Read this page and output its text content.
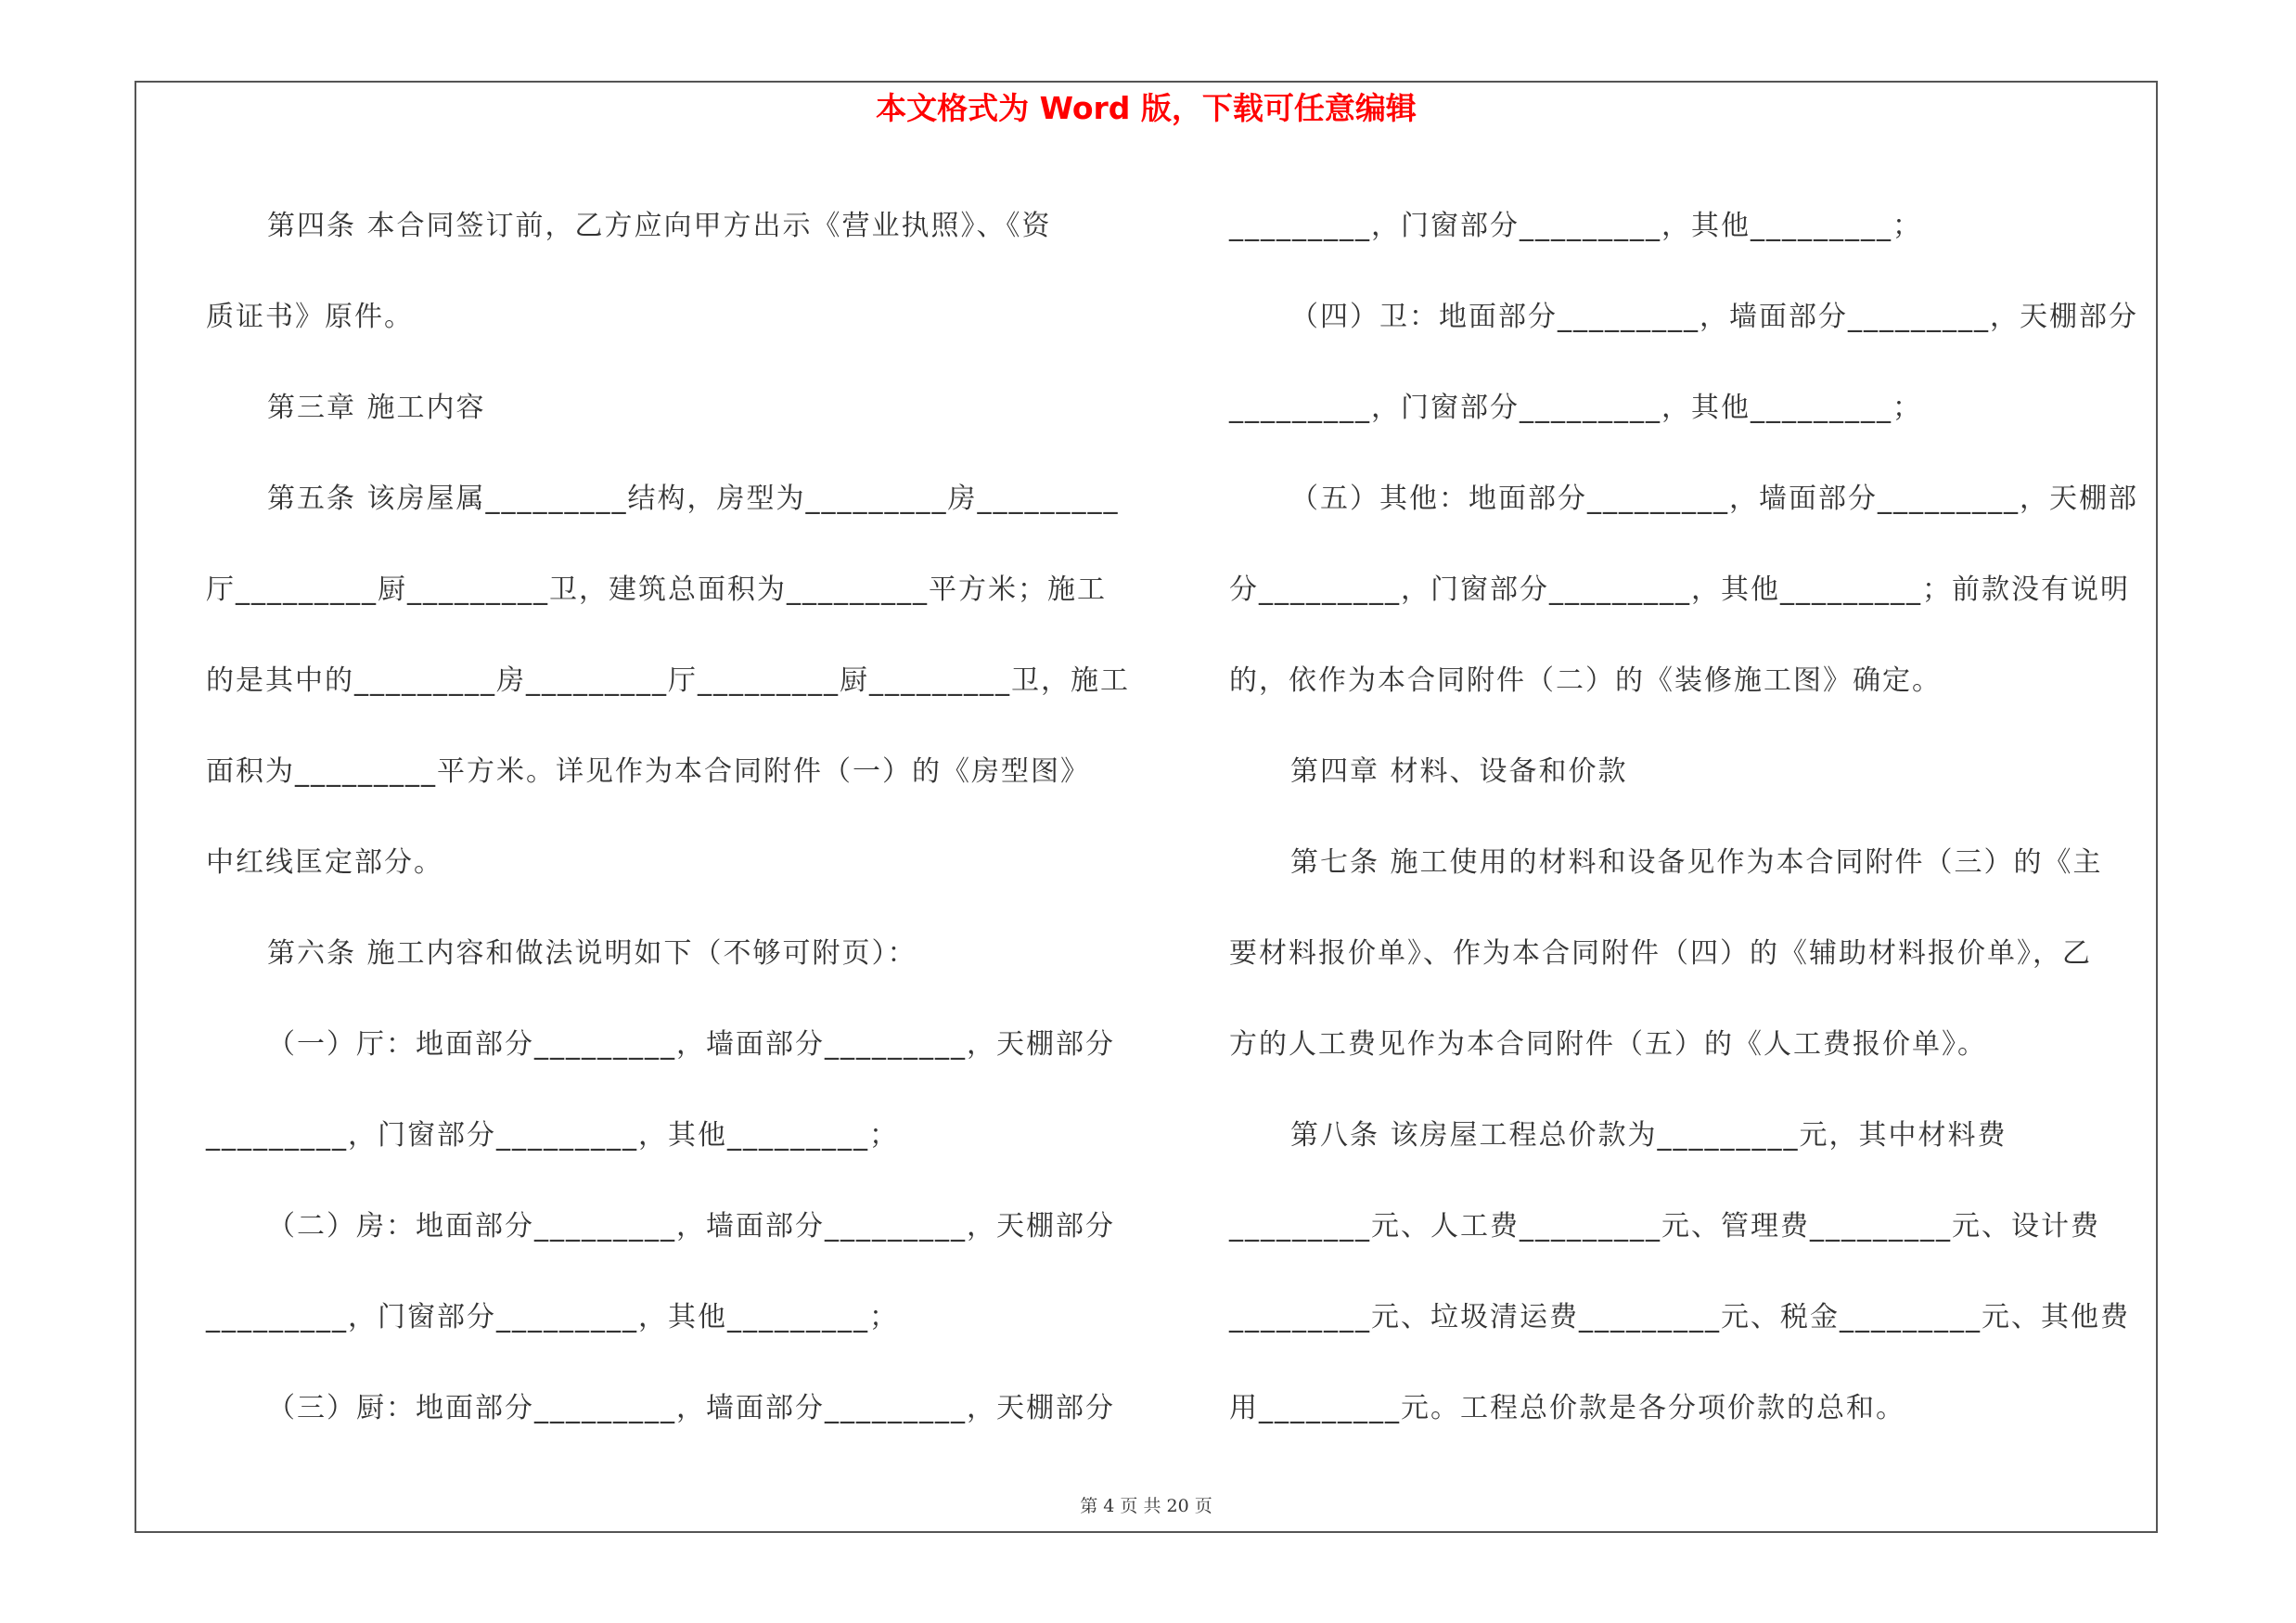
本文格式为 Word 版，下载可任意编辑
第四条 本合同签订前，乙方应向甲方出示《营业执照》、《资
质证书》原件。
第三章 施工内容
第五条 该房屋属_________结构，房型为_________房_________
厅_________厨_________卫，建筑总面积为_________平方米；施工
的是其中的_________房_________厅_________厨_________卫，施工
面积为_________平方米。详见作为本合同附件（一）的《房型图》
中红线匡定部分。
第六条 施工内容和做法说明如下（不够可附页）：
（一）厅：地面部分_________，墙面部分_________，天棚部分
_________，门窗部分_________，其他_________；
（二）房：地面部分_________，墙面部分_________，天棚部分
_________，门窗部分_________，其他_________；
（三）厨：地面部分_________，墙面部分_________，天棚部分
_________，门窗部分_________，其他_________；
（四）卫：地面部分_________，墙面部分_________，天棚部分
_________，门窗部分_________，其他_________；
（五）其他：地面部分_________，墙面部分_________，天棚部
分_________，门窗部分_________，其他_________；前款没有说明
的，依作为本合同附件（二）的《装修施工图》确定。
第四章 材料、设备和价款
第七条 施工使用的材料和设备见作为本合同附件（三）的《主
要材料报价单》、作为本合同附件（四）的《辅助材料报价单》，乙
方的人工费见作为本合同附件（五）的《人工费报价单》。
第八条 该房屋工程总价款为_________元，其中材料费
_________元、人工费_________元、管理费_________元、设计费
_________元、垃圾清运费_________元、税金_________元、其他费
用_________元。工程总价款是各分项价款的总和。
第 4 页 共 20 页
